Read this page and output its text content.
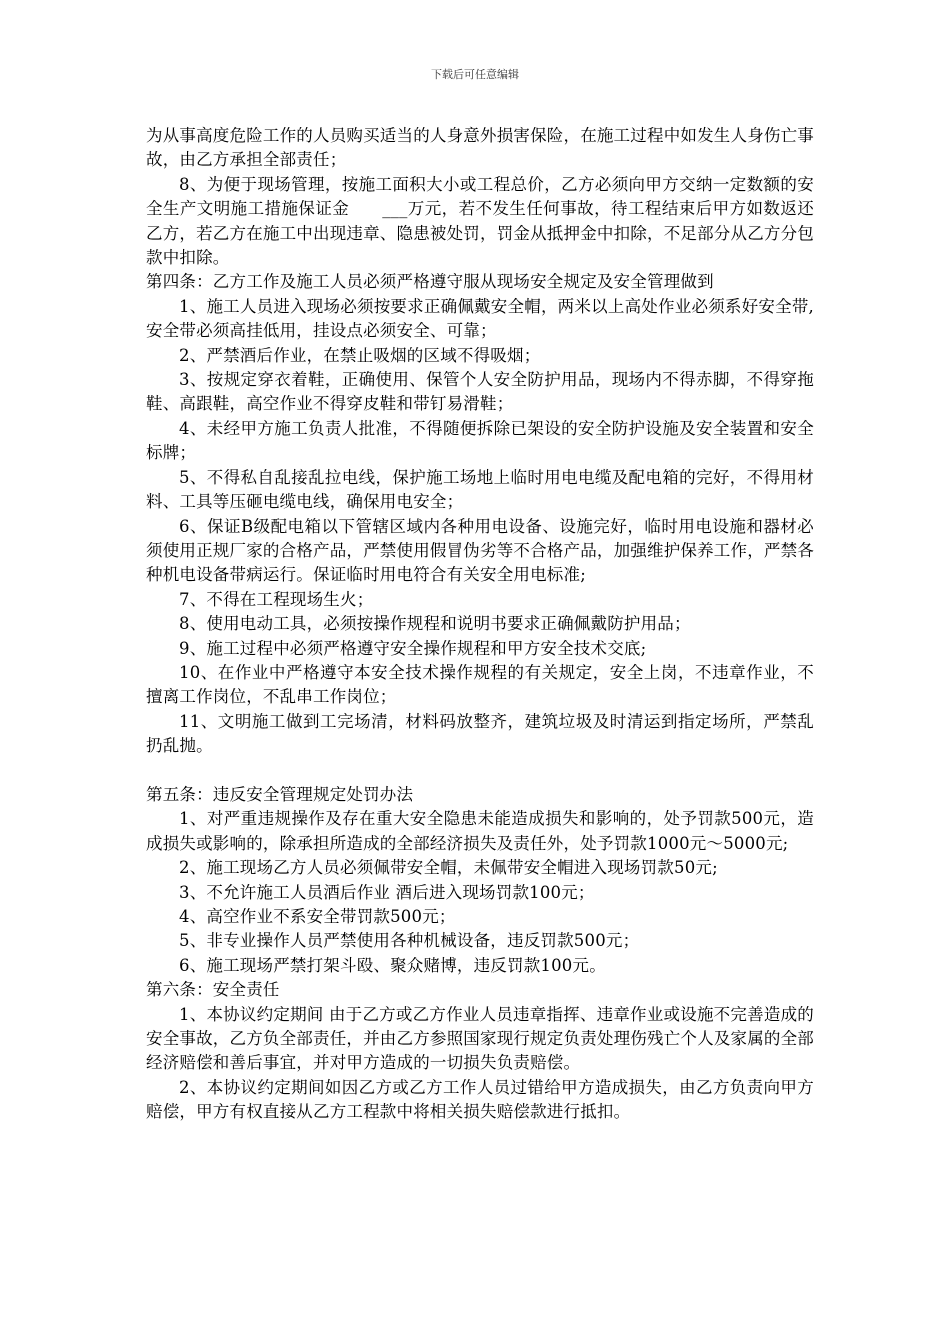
下载后可任意编辑

为从事高度危险工作的人员购买适当的人身意外损害保险，在施工过程中如发生人身伤亡事故，由乙方承担全部责任；

8、为便于现场管理，按施工面积大小或工程总价，乙方必须向甲方交纳一定数额的安全生产文明施工措施保证金 ___万元，若不发生任何事故，待工程结束后甲方如数返还乙方，若乙方在施工中出现违章、隐患被处罚，罚金从抵押金中扣除，不足部分从乙方分包款中扣除。

第四条：乙方工作及施工人员必须严格遵守服从现场安全规定及安全管理做到

1、施工人员进入现场必须按要求正确佩戴安全帽，两米以上高处作业必须系好安全带,安全带必须高挂低用，挂设点必须安全、可靠；

2、严禁酒后作业，在禁止吸烟的区域不得吸烟；

3、按规定穿衣着鞋，正确使用、保管个人安全防护用品，现场内不得赤脚，不得穿拖鞋、高跟鞋，高空作业不得穿皮鞋和带钉易滑鞋；

4、未经甲方施工负责人批准，不得随便拆除已架设的安全防护设施及安全装置和安全标牌；

5、不得私自乱接乱拉电线，保护施工场地上临时用电电缆及配电箱的完好，不得用材料、工具等压砸电缆电线，确保用电安全；

6、保证B级配电箱以下管辖区域内各种用电设备、设施完好，临时用电设施和器材必须使用正规厂家的合格产品，严禁使用假冒伪劣等不合格产品，加强维护保养工作，严禁各种机电设备带病运行。保证临时用电符合有关安全用电标准;

7、不得在工程现场生火；

8、使用电动工具，必须按操作规程和说明书要求正确佩戴防护用品；

9、施工过程中必须严格遵守安全操作规程和甲方安全技术交底;

10、在作业中严格遵守本安全技术操作规程的有关规定，安全上岗，不违章作业，不擅离工作岗位，不乱串工作岗位；

11、文明施工做到工完场清，材料码放整齐，建筑垃圾及时清运到指定场所，严禁乱扔乱抛。

第五条：违反安全管理规定处罚办法

1、对严重违规操作及存在重大安全隐患未能造成损失和影响的，处予罚款500元，造成损失或影响的，除承担所造成的全部经济损失及责任外，处予罚款1000元～5000元;

2、施工现场乙方人员必须佩带安全帽，未佩带安全帽进入现场罚款50元;

3、不允许施工人员酒后作业 酒后进入现场罚款100元；

4、高空作业不系安全带罚款500元；

5、非专业操作人员严禁使用各种机械设备，违反罚款500元；

6、施工现场严禁打架斗殴、聚众赌博，违反罚款100元。

第六条：安全责任

1、本协议约定期间 由于乙方或乙方作业人员违章指挥、违章作业或设施不完善造成的安全事故，乙方负全部责任，并由乙方参照国家现行规定负责处理伤残亡个人及家属的全部经济赔偿和善后事宜，并对甲方造成的一切损失负责赔偿。

2、本协议约定期间如因乙方或乙方工作人员过错给甲方造成损失，由乙方负责向甲方赔偿，甲方有权直接从乙方工程款中将相关损失赔偿款进行抵扣。
